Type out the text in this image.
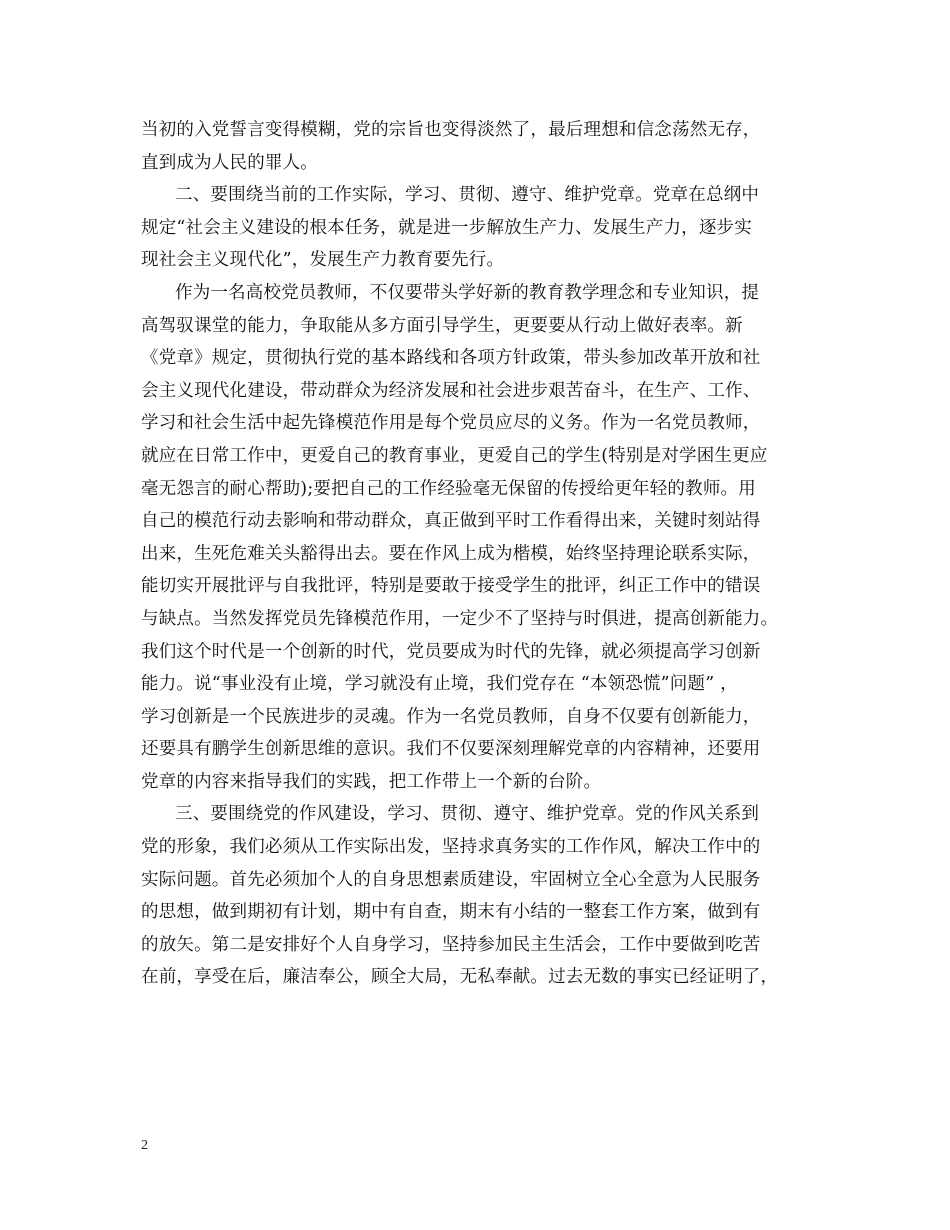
当初的入党誓言变得模糊，党的宗旨也变得淡然了，最后理想和信念荡然无存，
直到成为人民的罪人。
二、要围绕当前的工作实际，学习、贯彻、遵守、维护党章。党章在总纲中
规定“社会主义建设的根本任务，就是进一步解放生产力、发展生产力，逐步实
现社会主义现代化”，发展生产力教育要先行。
作为一名高校党员教师，不仅要带头学好新的教育教学理念和专业知识，提
高驾驭课堂的能力，争取能从多方面引导学生，更要要从行动上做好表率。新
《党章》规定，贯彻执行党的基本路线和各项方针政策，带头参加改革开放和社
会主义现代化建设，带动群众为经济发展和社会进步艰苦奋斗，在生产、工作、
学习和社会生活中起先锋模范作用是每个党员应尽的义务。作为一名党员教师，
就应在日常工作中，更爱自己的教育事业，更爱自己的学生(特别是对学困生更应
毫无怨言的耐心帮助);要把自己的工作经验毫无保留的传授给更年轻的教师。用
自己的模范行动去影响和带动群众，真正做到平时工作看得出来，关键时刻站得
出来，生死危难关头豁得出去。要在作风上成为楷模，始终坚持理论联系实际，
能切实开展批评与自我批评，特别是要敢于接受学生的批评，纠正工作中的错误
与缺点。当然发挥党员先锋模范作用，一定少不了坚持与时俱进，提高创新能力。
我们这个时代是一个创新的时代，党员要成为时代的先锋，就必须提高学习创新
能力。说“事业没有止境，学习就没有止境，我们党存在 “本领恐慌”问题” ，
学习创新是一个民族进步的灵魂。作为一名党员教师，自身不仅要有创新能力，
还要具有鹏学生创新思维的意识。我们不仅要深刻理解党章的内容精神，还要用
党章的内容来指导我们的实践，把工作带上一个新的台阶。
三、要围绕党的作风建设，学习、贯彻、遵守、维护党章。党的作风关系到
党的形象，我们必须从工作实际出发，坚持求真务实的工作作风，解决工作中的
实际问题。首先必须加个人的自身思想素质建设，牢固树立全心全意为人民服务
的思想，做到期初有计划，期中有自查，期末有小结的一整套工作方案，做到有
的放矢。第二是安排好个人自身学习，坚持参加民主生活会，工作中要做到吃苦
在前，享受在后，廉洁奉公，顾全大局，无私奉献。过去无数的事实已经证明了，
2
